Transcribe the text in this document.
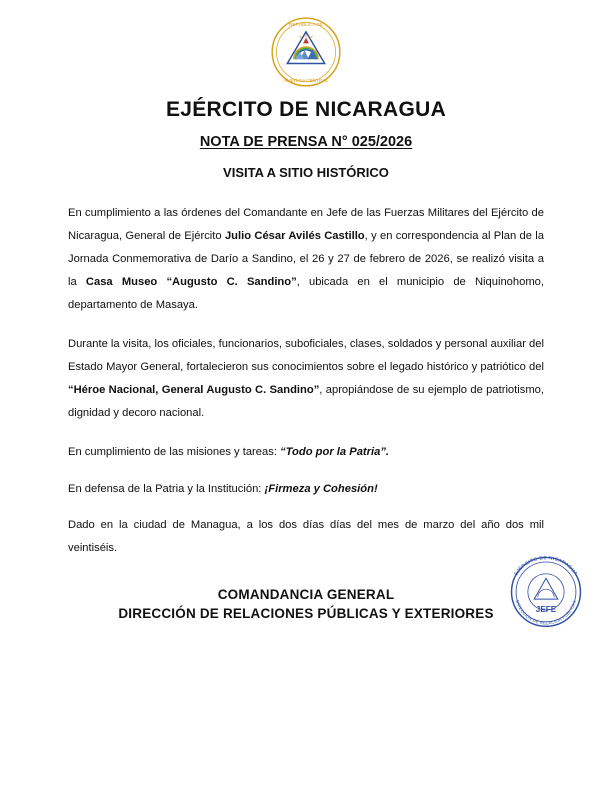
REPÚBLICA DE
AMÉRICA CENTRAL
EJÉRCITO DE NICARAGUA
NOTA DE PRENSA N° 025/2026
VISITA A SITIO HISTÓRICO

En cumplimiento a las órdenes del Comandante en Jefe de las Fuerzas Militares del Ejército de Nicaragua, General de Ejército Julio César Avilés Castillo, y en correspondencia al Plan de la Jornada Conmemorativa de Darío a Sandino, el 26 y 27 de febrero de 2026, se realizó visita a la Casa Museo “Augusto C. Sandino”, ubicada en el municipio de Niquinohomo, departamento de Masaya.

Durante la visita, los oficiales, funcionarios, suboficiales, clases, soldados y personal auxiliar del Estado Mayor General, fortalecieron sus conocimientos sobre el legado histórico y patriótico del “Héroe Nacional, General Augusto C. Sandino”, apropiándose de su ejemplo de patriotismo, dignidad y decoro nacional.

En cumplimiento de las misiones y tareas: “Todo por la Patria”.

En defensa de la Patria y la Institución: ¡Firmeza y Cohesión!

Dado en la ciudad de Managua, a los dos días días del mes de marzo del año dos mil veintiséis.

COMANDANCIA GENERAL
DIRECCIÓN DE RELACIONES PÚBLICAS Y EXTERIORES
EJÉRCITO DE NICARAGUA
DIRECCIÓN DE RELACIÓN PÚBLICAS
JEFE
